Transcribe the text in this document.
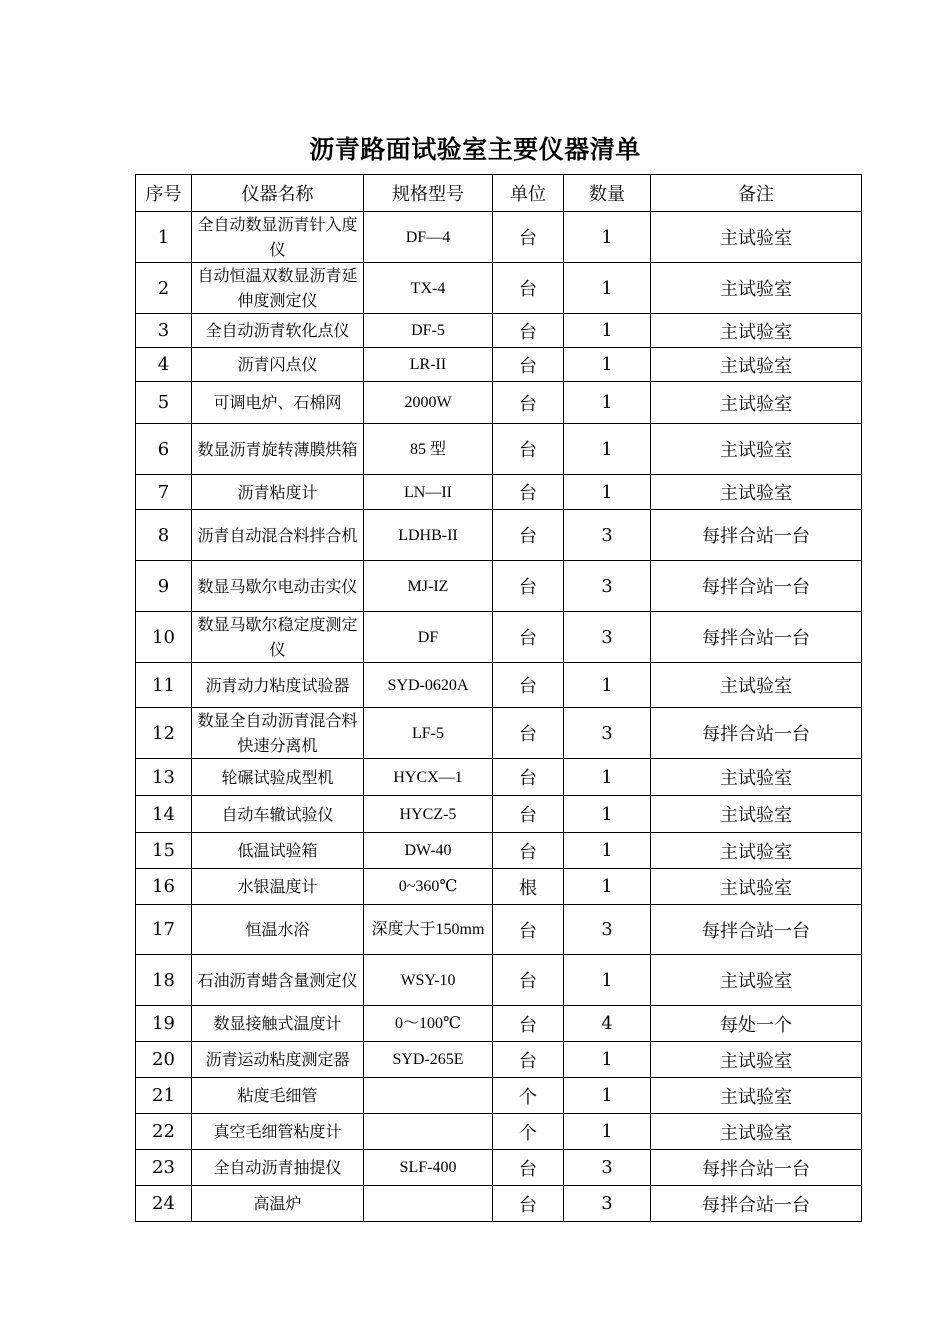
沥青路面试验室主要仪器清单
序号	仪器名称	规格型号	单位	数量	备注
1	全自动数显沥青针入度仪	DF—4	台	1	主试验室
2	自动恒温双数显沥青延伸度测定仪	TX-4	台	1	主试验室
3	全自动沥青软化点仪	DF-5	台	1	主试验室
4	沥青闪点仪	LR-II	台	1	主试验室
5	可调电炉、石棉网	2000W	台	1	主试验室
6	数显沥青旋转薄膜烘箱	85 型	台	1	主试验室
7	沥青粘度计	LN—II	台	1	主试验室
8	沥青自动混合料拌合机	LDHB-II	台	3	每拌合站一台
9	数显马歇尔电动击实仪	MJ-IZ	台	3	每拌合站一台
10	数显马歇尔稳定度测定仪	DF	台	3	每拌合站一台
11	沥青动力粘度试验器	SYD-0620A	台	1	主试验室
12	数显全自动沥青混合料快速分离机	LF-5	台	3	每拌合站一台
13	轮碾试验成型机	HYCX—1	台	1	主试验室
14	自动车辙试验仪	HYCZ-5	台	1	主试验室
15	低温试验箱	DW-40	台	1	主试验室
16	水银温度计	0~360℃	根	1	主试验室
17	恒温水浴	深度大于150mm	台	3	每拌合站一台
18	石油沥青蜡含量测定仪	WSY-10	台	1	主试验室
19	数显接触式温度计	0～100℃	台	4	每处一个
20	沥青运动粘度测定器	SYD-265E	台	1	主试验室
21	粘度毛细管		个	1	主试验室
22	真空毛细管粘度计		个	1	主试验室
23	全自动沥青抽提仪	SLF-400	台	3	每拌合站一台
24	高温炉		台	3	每拌合站一台
